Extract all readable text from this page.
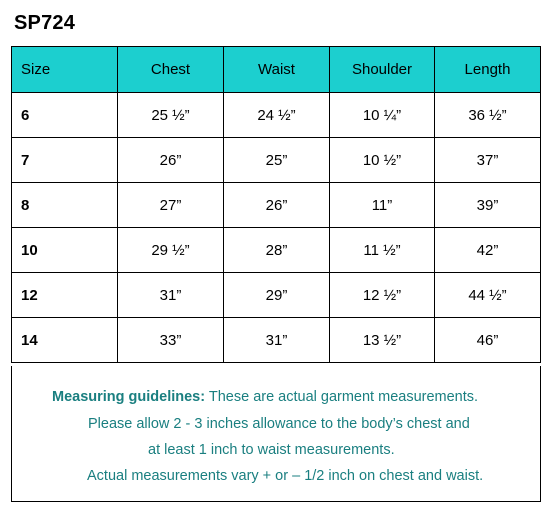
SP724
Size	Chest	Waist	Shoulder	Length
6	25 ½”	24 ½”	10 ¼”	36 ½”
7	26”	25”	10 ½”	37”
8	27”	26”	11”	39”
10	29 ½”	28”	11 ½”	42”
12	31”	29”	12 ½”	44 ½”
14	33”	31”	13 ½”	46”
Measuring guidelines: These are actual garment measurements.
Please allow 2 - 3 inches allowance to the body’s chest and
at least 1 inch to waist measurements.
Actual measurements vary + or – 1/2 inch on chest and waist.
